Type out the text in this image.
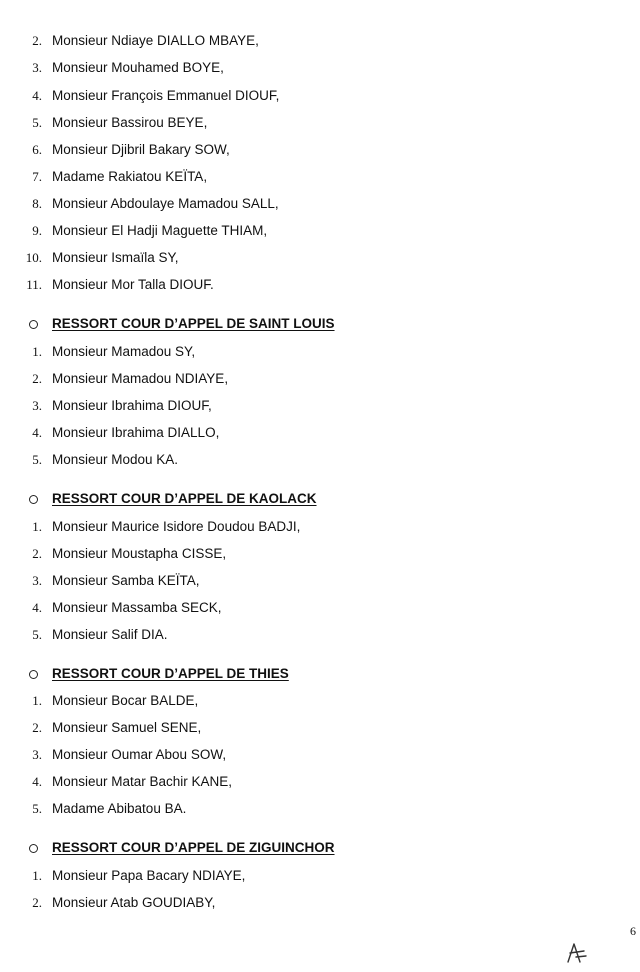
2. Monsieur Ndiaye DIALLO MBAYE,
3. Monsieur Mouhamed BOYE,
4. Monsieur François Emmanuel DIOUF,
5. Monsieur Bassirou BEYE,
6. Monsieur Djibril Bakary SOW,
7. Madame Rakiatou KEÏTA,
8. Monsieur Abdoulaye Mamadou SALL,
9. Monsieur El Hadji Maguette THIAM,
10. Monsieur Ismaïla SY,
11. Monsieur Mor Talla DIOUF.
RESSORT COUR D’APPEL DE SAINT LOUIS
1. Monsieur Mamadou SY,
2. Monsieur Mamadou NDIAYE,
3. Monsieur Ibrahima DIOUF,
4. Monsieur Ibrahima DIALLO,
5. Monsieur Modou KA.
RESSORT COUR D’APPEL DE KAOLACK
1. Monsieur Maurice Isidore Doudou BADJI,
2. Monsieur Moustapha CISSE,
3. Monsieur Samba KEÏTA,
4. Monsieur Massamba SECK,
5. Monsieur Salif DIA.
RESSORT COUR D’APPEL DE THIES
1. Monsieur Bocar BALDE,
2. Monsieur Samuel SENE,
3. Monsieur Oumar Abou SOW,
4. Monsieur Matar Bachir KANE,
5. Madame Abibatou BA.
RESSORT COUR D’APPEL DE ZIGUINCHOR
1. Monsieur Papa Bacary NDIAYE,
2. Monsieur Atab GOUDIABY,
6
